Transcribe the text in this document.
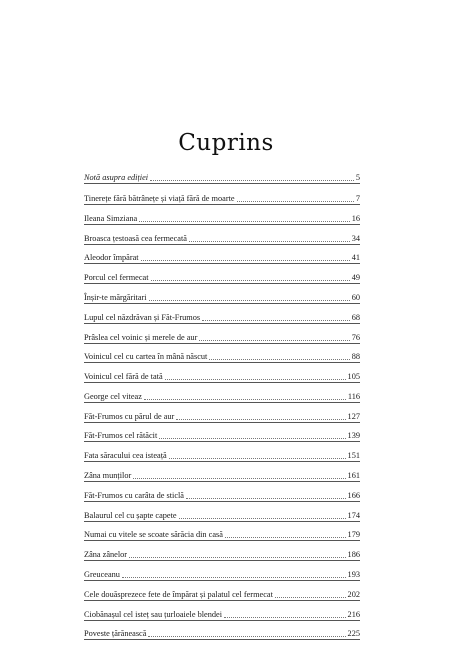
Cuprins
Notă asupra ediției	5
Tinerețe fără bătrânețe și viață fără de moarte	7
Ileana Simziana	16
Broasca țestoasă cea fermecată	34
Aleodor împărat	41
Porcul cel fermecat	49
Înșir-te mărgăritari	60
Lupul cel năzdrăvan și Făt-Frumos	68
Prâslea cel voinic și merele de aur	76
Voinicul cel cu cartea în mână născut	88
Voinicul cel fără de tată	105
George cel viteaz	116
Făt-Frumos cu părul de aur	127
Făt-Frumos cel rătăcit	139
Fata săracului cea isteață	151
Zâna munților	161
Făt-Frumos cu carâta de sticlă	166
Balaurul cel cu șapte capete	174
Numai cu vitele se scoate sărăcia din casă	179
Zâna zânelor	186
Greuceanu	193
Cele douăsprezece fete de împărat și palatul cel fermecat	202
Ciobănașul cel isteț sau țurloaiele blendei	216
Poveste țărănească	225
